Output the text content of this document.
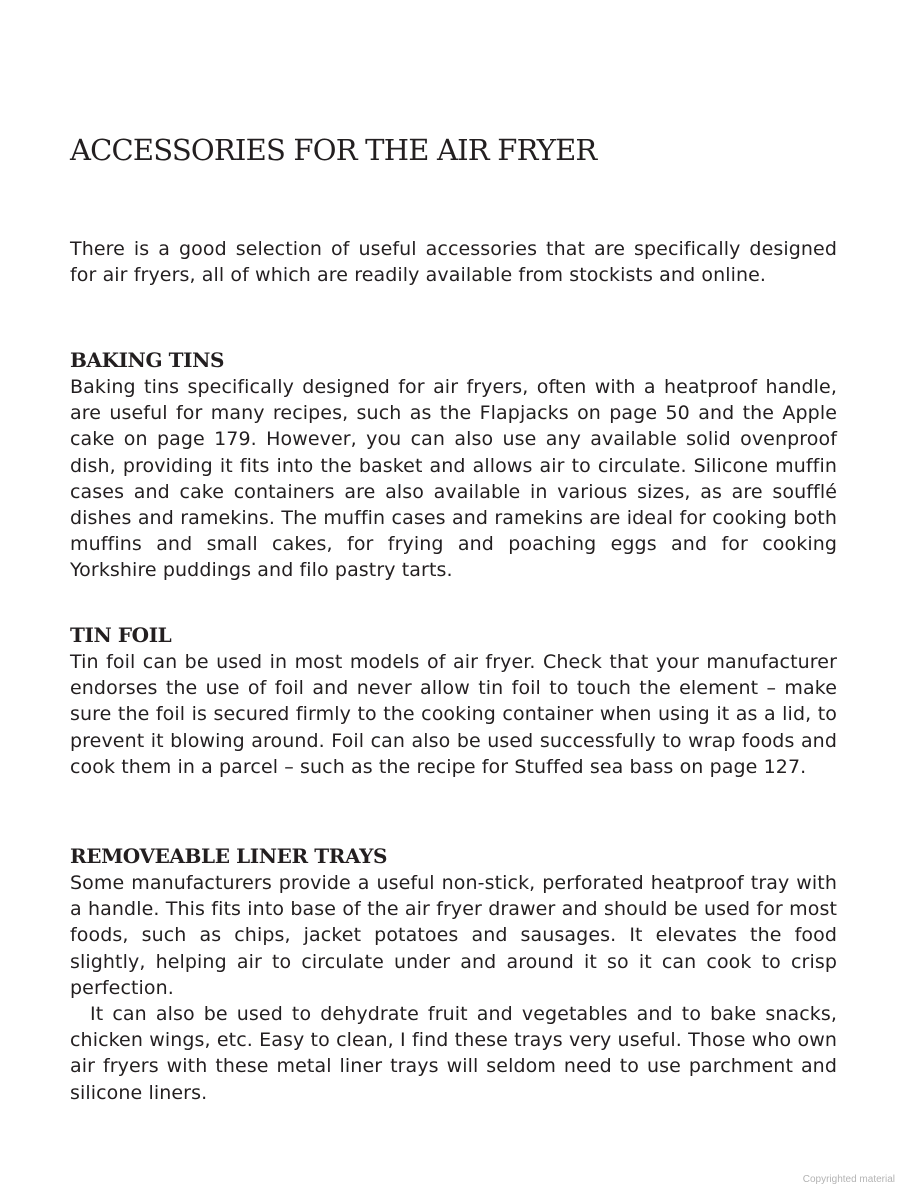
ACCESSORIES FOR THE AIR FRYER

There is a good selection of useful accessories that are specifically designed for air fryers, all of which are readily available from stockists and online.

BAKING TINS

Baking tins specifically designed for air fryers, often with a heatproof handle, are useful for many recipes, such as the Flapjacks on page 50 and the Apple cake on page 179. However, you can also use any available solid ovenproof dish, providing it fits into the basket and allows air to circulate. Silicone muffin cases and cake containers are also available in various sizes, as are soufflé dishes and ramekins. The muffin cases and ramekins are ideal for cooking both muffins and small cakes, for frying and poaching eggs and for cooking Yorkshire puddings and filo pastry tarts.

TIN FOIL

Tin foil can be used in most models of air fryer. Check that your manufacturer endorses the use of foil and never allow tin foil to touch the element – make sure the foil is secured firmly to the cooking container when using it as a lid, to prevent it blowing around. Foil can also be used successfully to wrap foods and cook them in a parcel – such as the recipe for Stuffed sea bass on page 127.

REMOVEABLE LINER TRAYS

Some manufacturers provide a useful non-stick, perforated heatproof tray with a handle. This fits into base of the air fryer drawer and should be used for most foods, such as chips, jacket potatoes and sausages. It elevates the food slightly, helping air to circulate under and around it so it can cook to crisp perfection.

It can also be used to dehydrate fruit and vegetables and to bake snacks, chicken wings, etc. Easy to clean, I find these trays very useful. Those who own air fryers with these metal liner trays will seldom need to use parchment and silicone liners.

Copyrighted material
